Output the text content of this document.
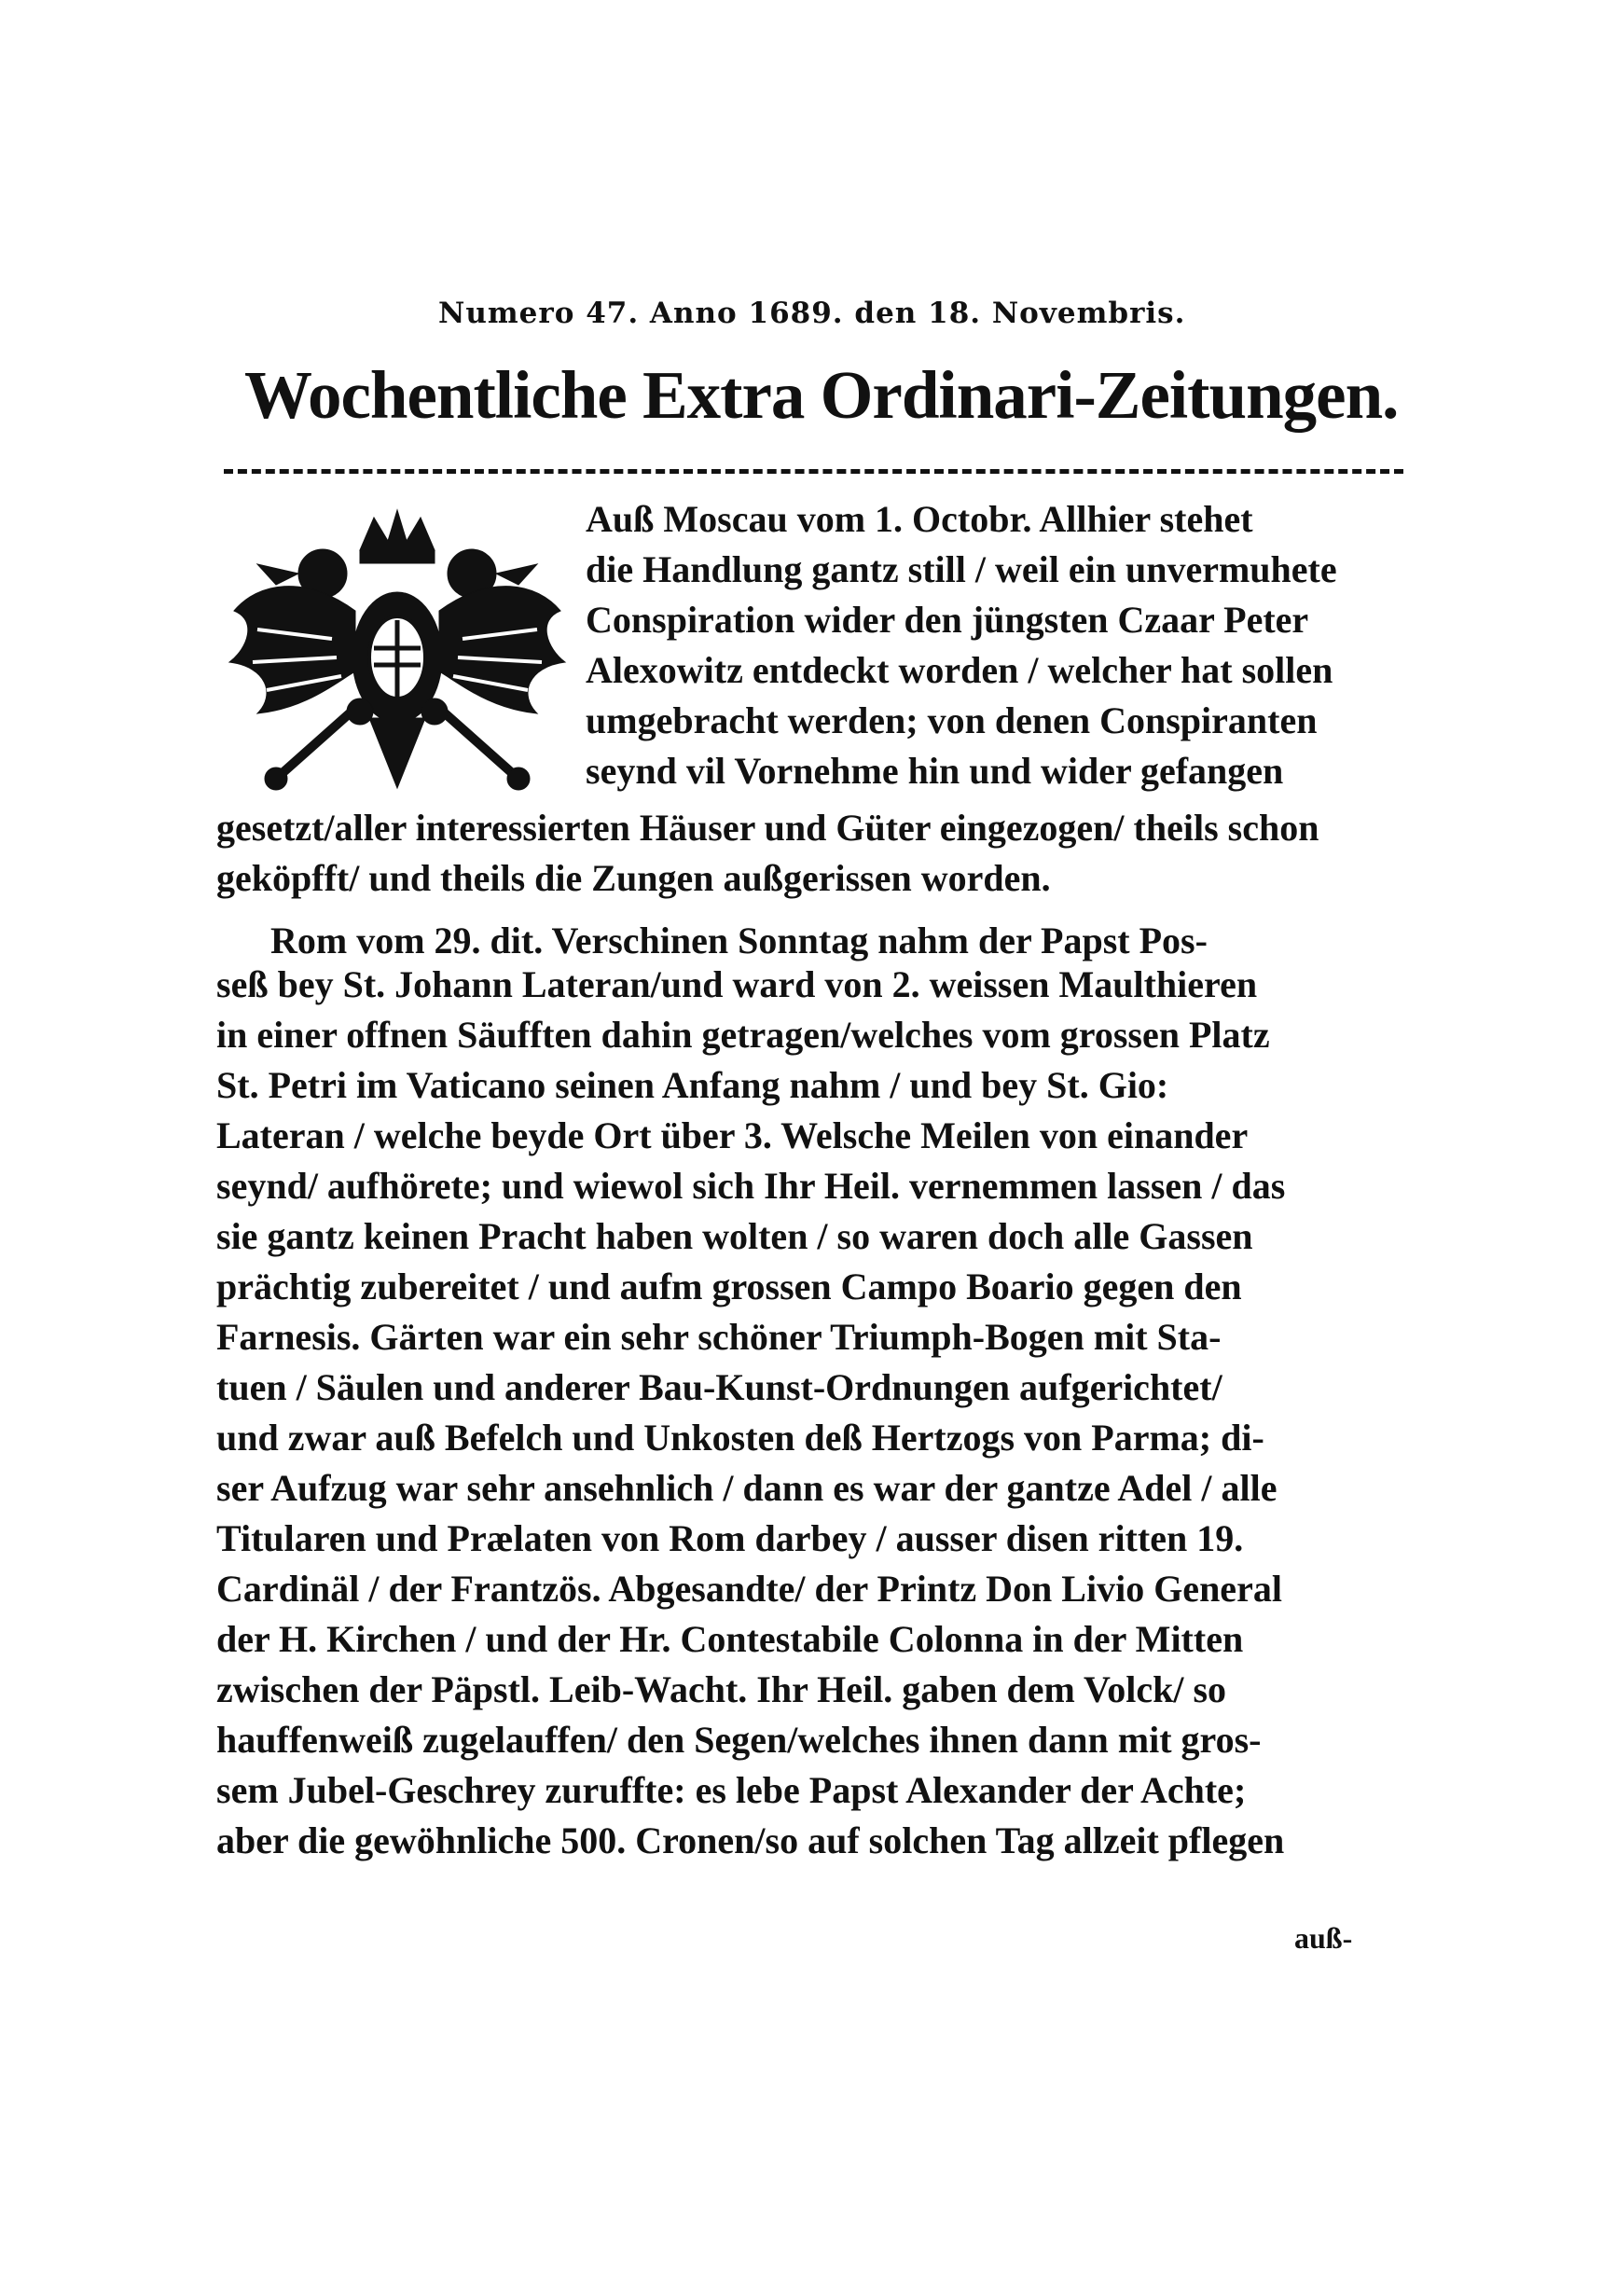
Numero 47. Anno 1689. den 18. Novembris.
Wochentliche Extra Ordinari-Zeitungen.
Auß Moscau vom 1. Octobr. Allhier stehet
die Handlung gantz still / weil ein unvermuhete
Conspiration wider den jüngsten Czaar Peter
Alexowitz entdeckt worden / welcher hat sollen
umgebracht werden; von denen Conspiranten
seynd vil Vornehme hin und wider gefangen
gesetzt/aller interessierten Häuser und Güter eingezogen/ theils schon
geköpfft/ und theils die Zungen außgerissen worden.
Rom vom 29. dit. Verschinen Sonntag nahm der Papst Pos-
seß bey St. Johann Lateran/und ward von 2. weissen Maulthieren
in einer offnen Säufften dahin getragen/welches vom grossen Platz
St. Petri im Vaticano seinen Anfang nahm / und bey St. Gio:
Lateran / welche beyde Ort über 3. Welsche Meilen von einander
seynd/ aufhörete; und wiewol sich Ihr Heil. vernemmen lassen / das
sie gantz keinen Pracht haben wolten / so waren doch alle Gassen
prächtig zubereitet / und aufm grossen Campo Boario gegen den
Farnesis. Gärten war ein sehr schöner Triumph-Bogen mit Sta-
tuen / Säulen und anderer Bau-Kunst-Ordnungen aufgerichtet/
und zwar auß Befelch und Unkosten deß Hertzogs von Parma; di-
ser Aufzug war sehr ansehnlich / dann es war der gantze Adel / alle
Titularen und Prælaten von Rom darbey / ausser disen ritten 19.
Cardinäl / der Frantzös. Abgesandte/ der Printz Don Livio General
der H. Kirchen / und der Hr. Contestabile Colonna in der Mitten
zwischen der Päpstl. Leib-Wacht. Ihr Heil. gaben dem Volck/ so
hauffenweiß zugelauffen/ den Segen/welches ihnen dann mit gros-
sem Jubel-Geschrey zuruffte: es lebe Papst Alexander der Achte;
aber die gewöhnliche 500. Cronen/so auf solchen Tag allzeit pflegen
auß-
